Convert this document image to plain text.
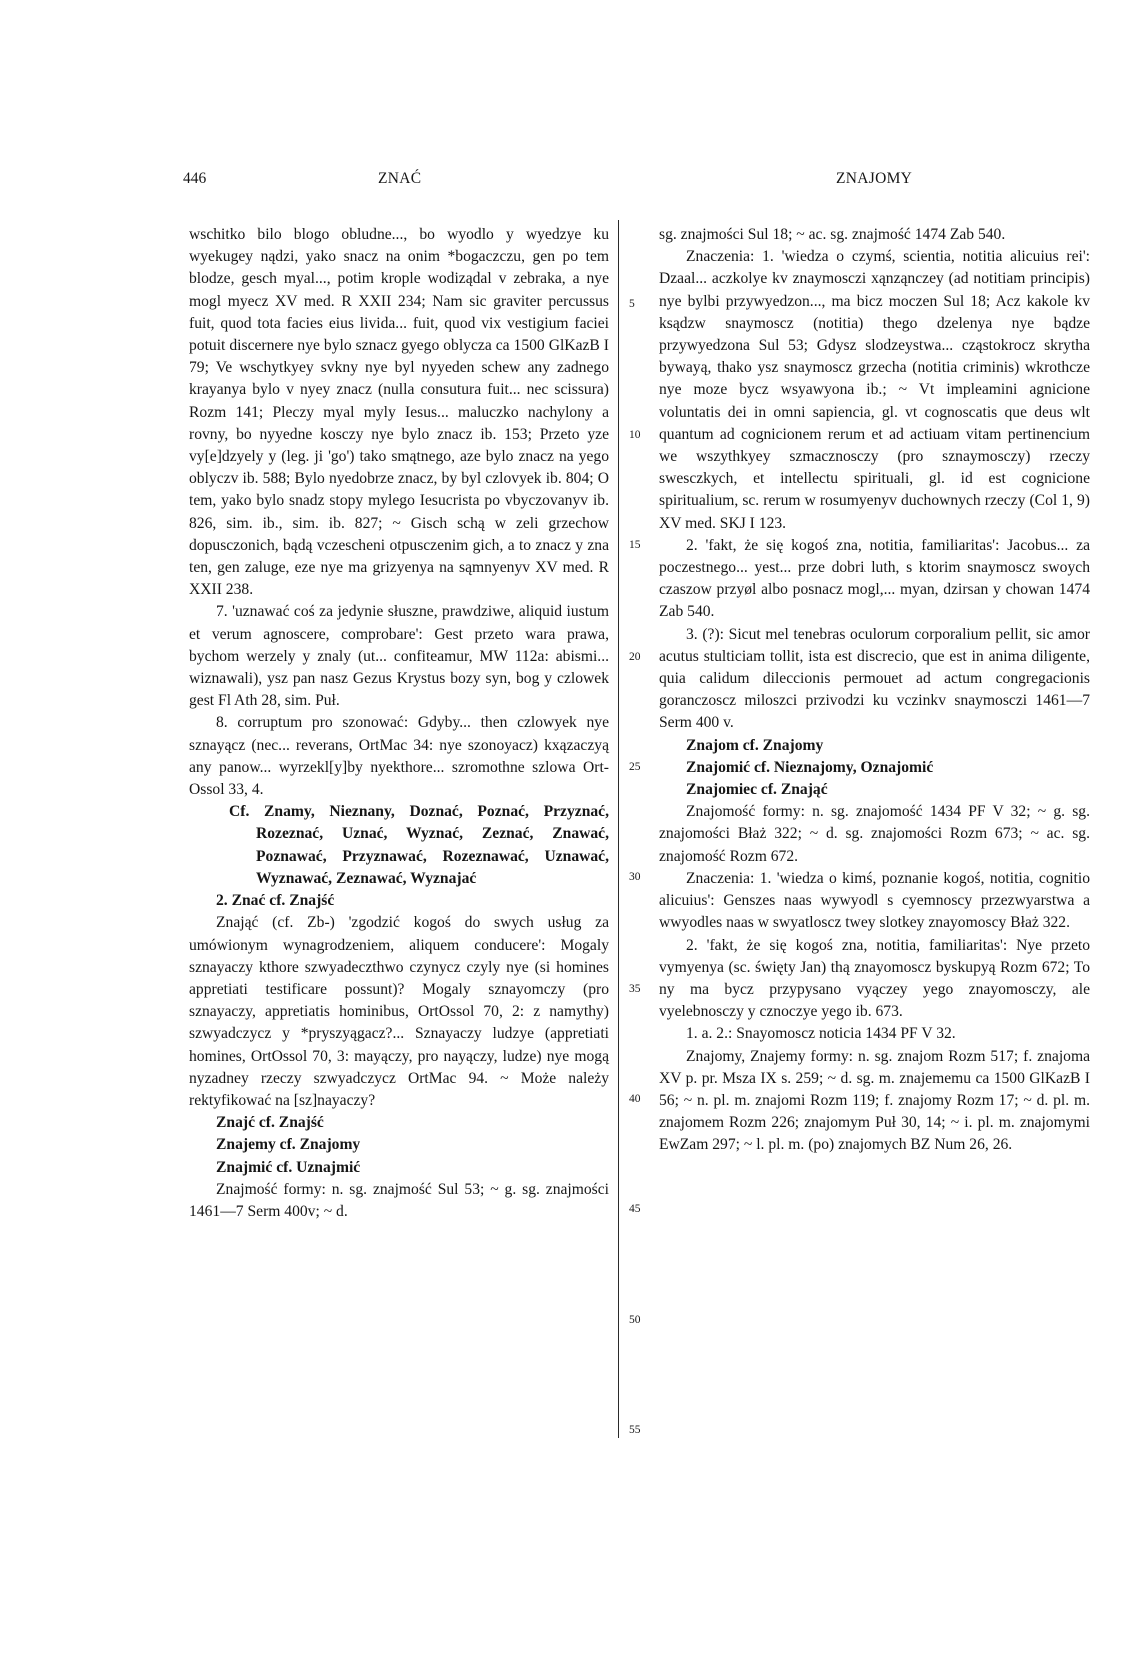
446	ZNAĆ	ZNAJOMY
5
10
15
20
25
30
35
40
45
50
55

wschitko bilo blogo obludne..., bo wyodlo y wyedzye ku wyekugey nądzi, yako snacz na onim *bogaczczu, gen po tem blodze, gesch myal..., potim krople wodiządal v zebraka, a nye mogl myecz XV med. R XXII 234; Nam sic graviter percussus fuit, quod tota facies eius livida... fuit, quod vix vestigium faciei potuit discernere nye bylo sznacz gyego oblycza ca 1500 GlKazB I 79; Ve wschytkyey svkny nye byl nyyeden schew any zadnego krayanya bylo v nyey znacz (nulla consutura fuit... nec scissura) Rozm 141; Pleczy myal myly Iesus... maluczko nachylony a rovny, bo nyyedne kosczy nye bylo znacz ib. 153; Przeto yze vy[e]dzyely y (leg. ji 'go') tako smątnego, aze bylo znacz na yego oblyczv ib. 588; Bylo nyedobrze znacz, by byl czlovyek ib. 804; O tem, yako bylo snadz stopy mylego Iesucrista po vbyczovanyv ib. 826, sim. ib., sim. ib. 827; ~ Gisch schą w zeli grzechow dopusczonich, bądą vczescheni otpusczenim gich, a to znacz y zna ten, gen zaluge, eze nye ma grizyenya na sąmnyenyv XV med. R XXII 238.

7. 'uznawać coś za jedynie słuszne, prawdziwe, aliquid iustum et verum agnoscere, comprobare': Gest przeto wara prawa, bychom werzely y znaly (ut... confiteamur, MW 112a: abismi... wiznawali), ysz pan nasz Gezus Krystus bozy syn, bog y czlowek gest Fl Ath 28, sim. Puł.

8. corruptum pro szonować: Gdyby... then czlowyek nye sznayącz (nec... reverans, OrtMac 34: nye szonoyacz) kxązaczyą any panow... wyrzekl[y]by nyekthore... szromothne szlowa Ort-Ossol 33, 4.

Cf. Znamy, Nieznany, Doznać, Poznać, Przyznać, Rozeznać, Uznać, Wyznać, Zeznać, Znawać, Poznawać, Przyznawać, Rozeznawać, Uznawać, Wyznawać, Zeznawać, Wyznajać

2. Znać cf. Znajść

Znająć (cf. Zb-) 'zgodzić kogoś do swych usług za umówionym wynagrodzeniem, aliquem conducere': Mogaly sznayaczy kthore szwyadeczthwo czynycz czyly nye (si homines appretiati testificare possunt)? Mogaly sznayomczy (pro sznayaczy, appretiatis hominibus, OrtOssol 70, 2: z namythy) szwyadczycz y *pryszyągacz?... Sznayaczy ludzye (appretiati homines, OrtOssol 70, 3: mayączy, pro nayączy, ludze) nye mogą nyzadney rzeczy szwyadczycz OrtMac 94. ~ Może należy rektyfikować na [sz]nayaczy?

Znajć cf. Znajść

Znajemy cf. Znajomy

Znajmić cf. Uznajmić

Znajmość formy: n. sg. znajmość Sul 53; ~ g. sg. znajmości 1461—7 Serm 400v; ~ d.

sg. znajmości Sul 18; ~ ac. sg. znajmość 1474 Zab 540.

Znaczenia: 1. 'wiedza o czymś, scientia, notitia alicuius rei': Dzaal... aczkolye kv znaymosczi xąnząnczey (ad notitiam principis) nye bylbi przywyedzon..., ma bicz moczen Sul 18; Acz kakole kv ksądzw snaymoscz (notitia) thego dzelenya nye bądze przywyedzona Sul 53; Gdysz slodzeystwa... cząstokrocz skrytha bywayą, thako ysz snaymoscz grzecha (notitia criminis) wkrothcze nye moze bycz wsyawyona ib.; ~ Vt impleamini agnicione voluntatis dei in omni sapiencia, gl. vt cognoscatis que deus wlt quantum ad cognicionem rerum et ad actiuam vitam pertinencium we wszythkyey szmacznosczy (pro sznaymosczy) rzeczy swesczkych, et intellectu spirituali, gl. id est cognicione spiritualium, sc. rerum w rosumyenyv duchownych rzeczy (Col 1, 9) XV med. SKJ I 123.

2. 'fakt, że się kogoś zna, notitia, familiaritas': Jacobus... za poczestnego... yest... prze dobri luth, s ktorim snaymoscz swoych czaszow przyøl albo posnacz mogl,... myan, dzirsan y chowan 1474 Zab 540.

3. (?): Sicut mel tenebras oculorum corporalium pellit, sic amor acutus stulticiam tollit, ista est discrecio, que est in anima diligente, quia calidum dileccionis permouet ad actum congregacionis goranczoscz miloszci przivodzi ku vczinkv snaymosczi 1461—7 Serm 400 v.

Znajom cf. Znajomy

Znajomić cf. Nieznajomy, Oznajomić

Znajomiec cf. Znająć

Znajomość formy: n. sg. znajomość 1434 PF V 32; ~ g. sg. znajomości Błaż 322; ~ d. sg. znajomości Rozm 673; ~ ac. sg. znajomość Rozm 672.

Znaczenia: 1. 'wiedza o kimś, poznanie kogoś, notitia, cognitio alicuius': Genszes naas wywyodl s cyemnoscy przezwyarstwa a wwyodles naas w swyatloscz twey slotkey znayomoscy Błaż 322.

2. 'fakt, że się kogoś zna, notitia, familiaritas': Nye przeto vymyenya (sc. święty Jan) thą znayomoscz byskupyą Rozm 672; To ny ma bycz przypysano vyączey yego znayomosczy, ale vyelebnosczy y cznoczye yego ib. 673.

1. a. 2.: Snayomoscz noticia 1434 PF V 32.

Znajomy, Znajemy formy: n. sg. znajom Rozm 517; f. znajoma XV p. pr. Msza IX s. 259; ~ d. sg. m. znajememu ca 1500 GlKazB I 56; ~ n. pl. m. znajomi Rozm 119; f. znajomy Rozm 17; ~ d. pl. m. znajomem Rozm 226; znajomym Puł 30, 14; ~ i. pl. m. znajomymi EwZam 297; ~ l. pl. m. (po) znajomych BZ Num 26, 26.
